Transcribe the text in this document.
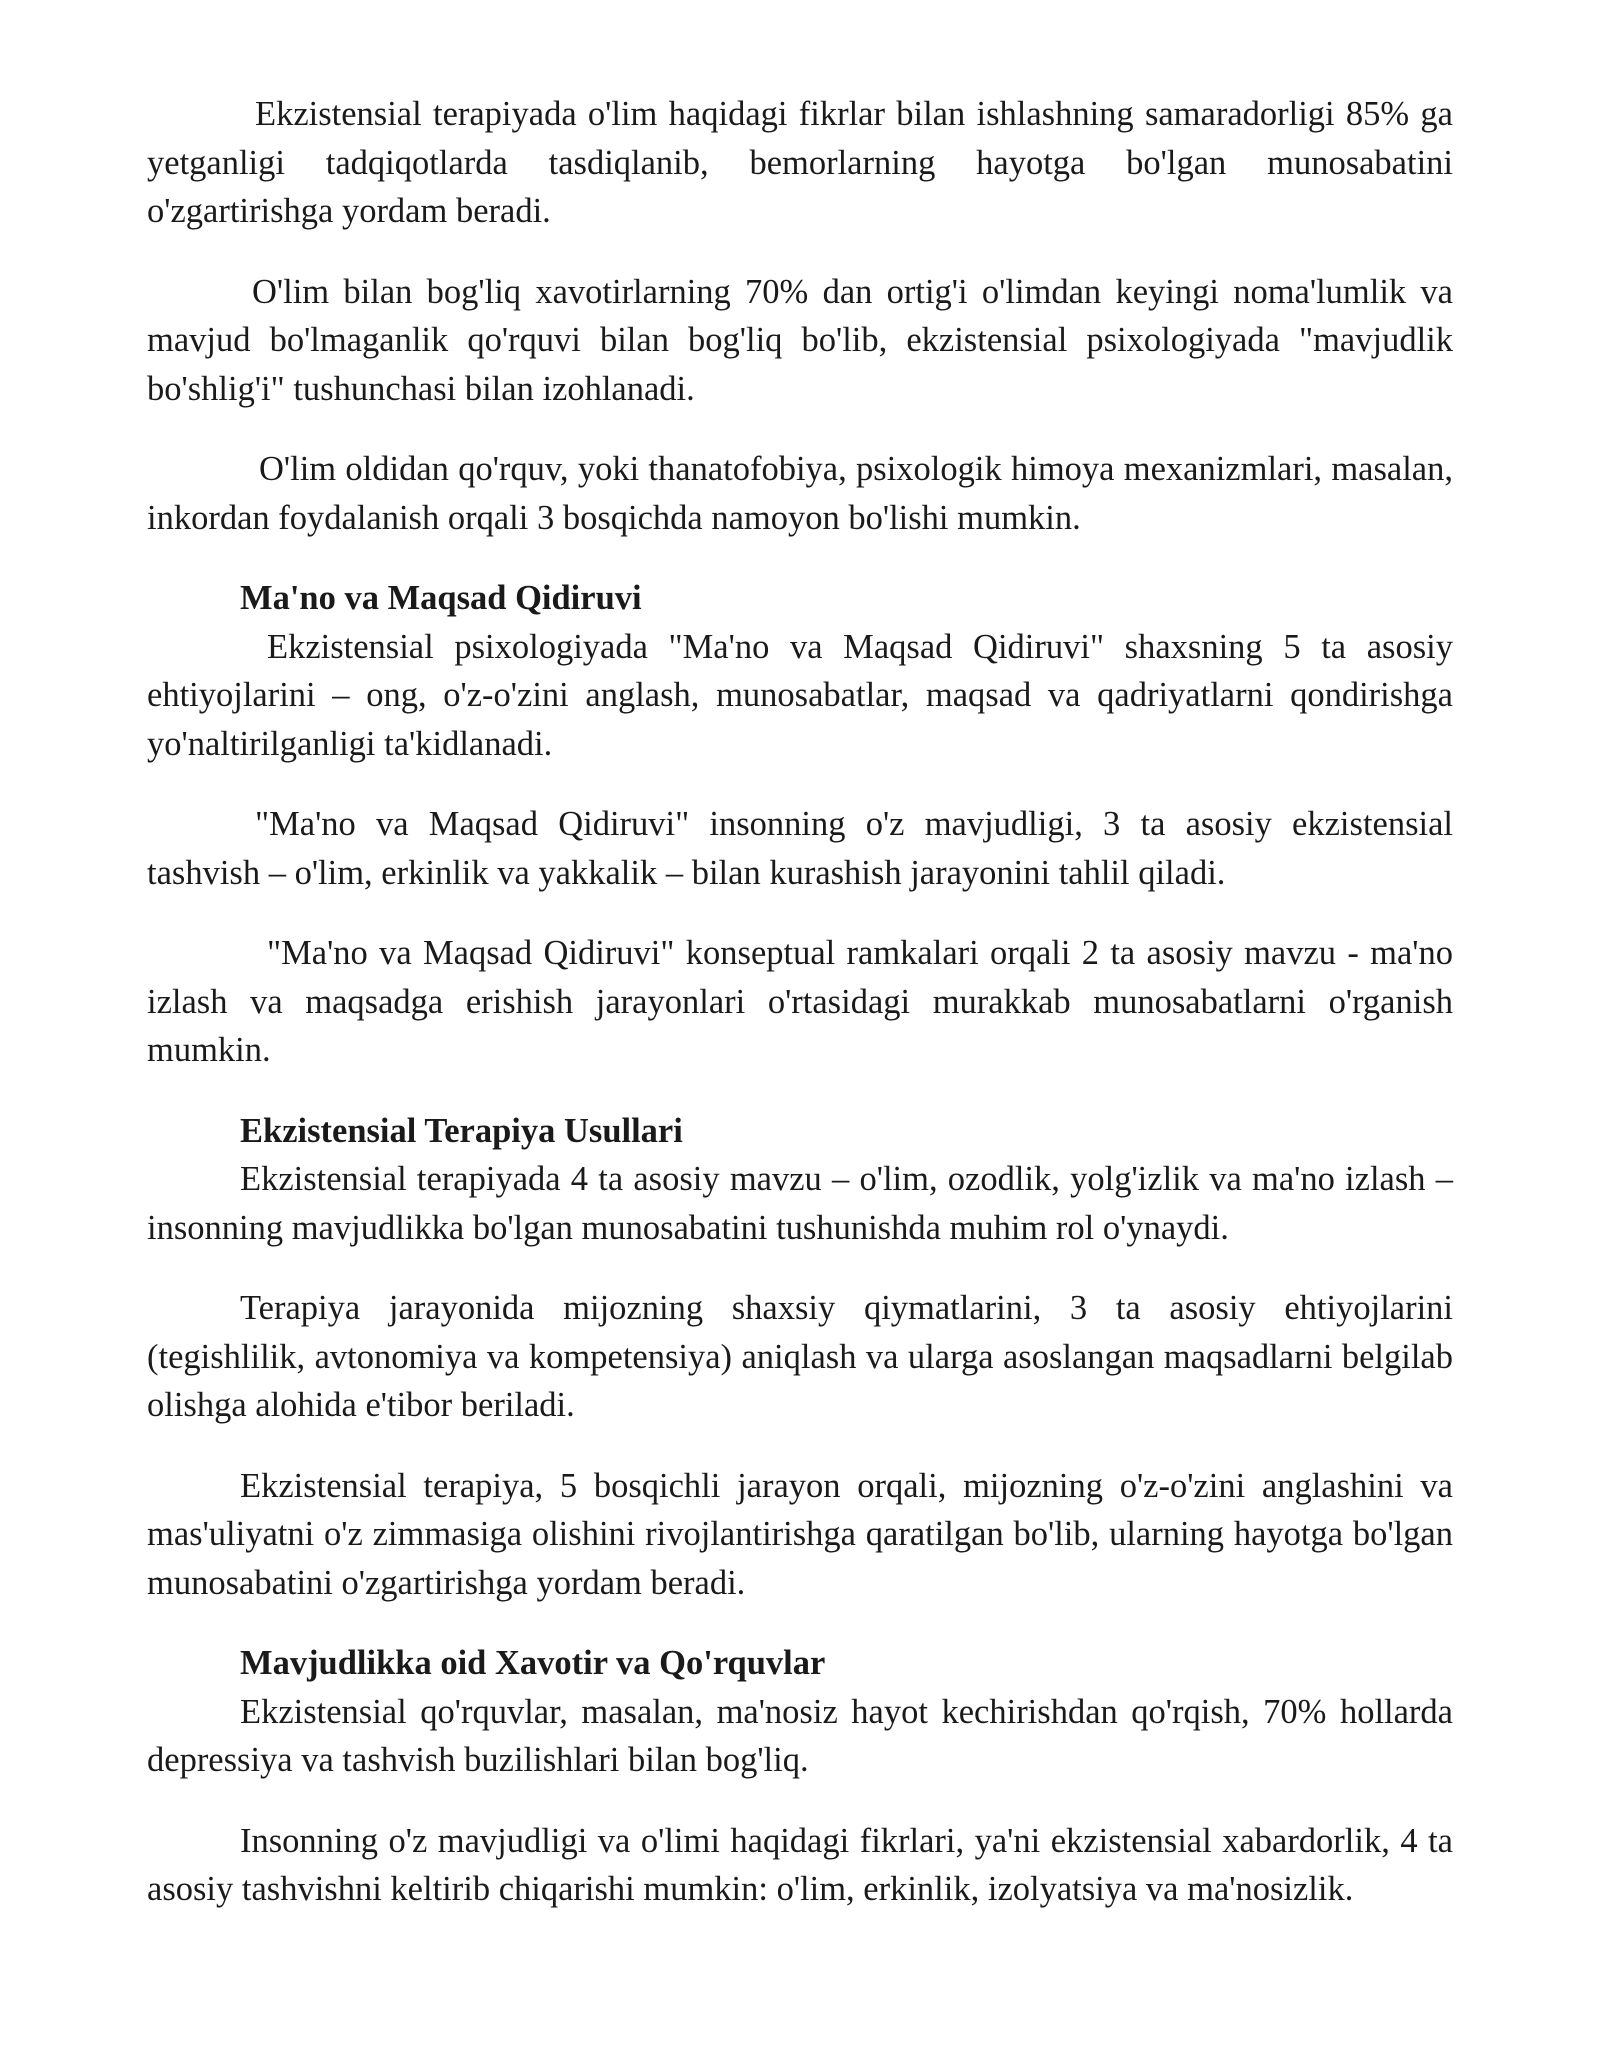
Ekzistensial terapiyada o'lim haqidagi fikrlar bilan ishlashning samaradorligi 85% ga yetganligi tadqiqotlarda tasdiqlanib, bemorlarning hayotga bo'lgan munosabatini o'zgartirishga yordam beradi.

O'lim bilan bog'liq xavotirlarning 70% dan ortig'i o'limdan keyingi noma'lumlik va mavjud bo'lmaganlik qo'rquvi bilan bog'liq bo'lib, ekzistensial psixologiyada "mavjudlik bo'shlig'i" tushunchasi bilan izohlanadi.

O'lim oldidan qo'rquv, yoki thanatofobiya, psixologik himoya mexanizmlari, masalan, inkordan foydalanish orqali 3 bosqichda namoyon bo'lishi mumkin.

Ma'no va Maqsad Qidiruvi

Ekzistensial psixologiyada "Ma'no va Maqsad Qidiruvi" shaxsning 5 ta asosiy ehtiyojlarini – ong, o'z-o'zini anglash, munosabatlar, maqsad va qadriyatlarni qondirishga yo'naltirilganligi ta'kidlanadi.

"Ma'no va Maqsad Qidiruvi" insonning o'z mavjudligi, 3 ta asosiy ekzistensial tashvish – o'lim, erkinlik va yakkalik – bilan kurashish jarayonini tahlil qiladi.

"Ma'no va Maqsad Qidiruvi" konseptual ramkalari orqali 2 ta asosiy mavzu - ma'no izlash va maqsadga erishish jarayonlari o'rtasidagi murakkab munosabatlarni o'rganish mumkin.

Ekzistensial Terapiya Usullari

Ekzistensial terapiyada 4 ta asosiy mavzu – o'lim, ozodlik, yolg'izlik va ma'no izlash – insonning mavjudlikka bo'lgan munosabatini tushunishda muhim rol o'ynaydi.

Terapiya jarayonida mijozning shaxsiy qiymatlarini, 3 ta asosiy ehtiyojlarini (tegishlilik, avtonomiya va kompetensiya) aniqlash va ularga asoslangan maqsadlarni belgilab olishga alohida e'tibor beriladi.

Ekzistensial terapiya, 5 bosqichli jarayon orqali, mijozning o'z-o'zini anglashini va mas'uliyatni o'z zimmasiga olishini rivojlantirishga qaratilgan bo'lib, ularning hayotga bo'lgan munosabatini o'zgartirishga yordam beradi.

Mavjudlikka oid Xavotir va Qo'rquvlar

Ekzistensial qo'rquvlar, masalan, ma'nosiz hayot kechirishdan qo'rqish, 70% hollarda depressiya va tashvish buzilishlari bilan bog'liq.

Insonning o'z mavjudligi va o'limi haqidagi fikrlari, ya'ni ekzistensial xabardorlik, 4 ta asosiy tashvishni keltirib chiqarishi mumkin: o'lim, erkinlik, izolyatsiya va ma'nosizlik.
